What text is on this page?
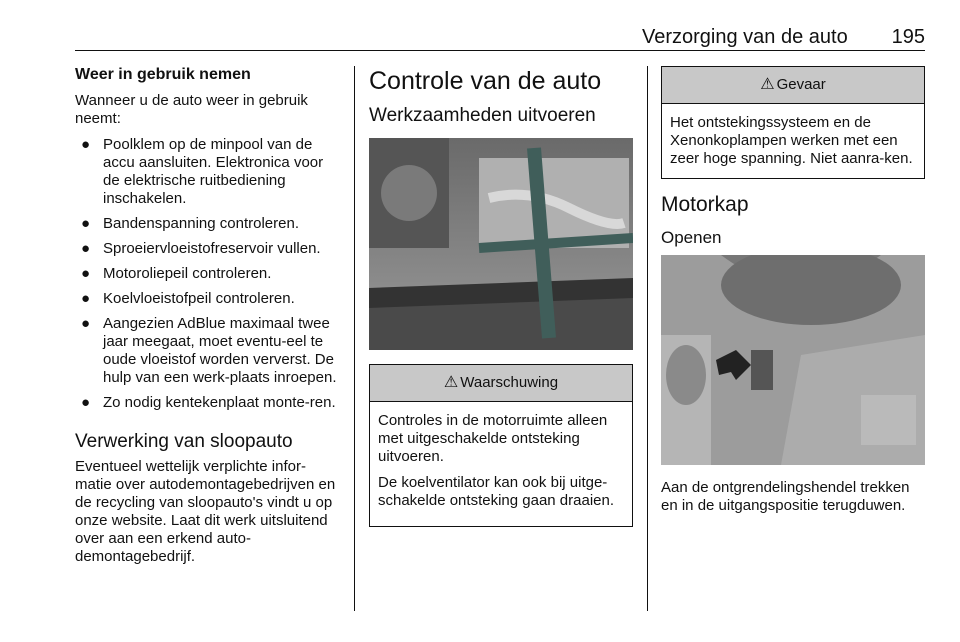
Verzorging van de auto 195
Weer in gebruik nemen

Wanneer u de auto weer in gebruik neemt:

● Poolklem op de minpool van de accu aansluiten. Elektronica voor de elektrische ruitbediening inschakelen.
● Bandenspanning controleren.
● Sproeiervloeistofreservoir vullen.
● Motoroliepeil controleren.
● Koelvloeistofpeil controleren.
● Aangezien AdBlue maximaal twee jaar meegaat, moet eventu-eel te oude vloeistof worden ververst. De hulp van een werk-plaats inroepen.
● Zo nodig kentekenplaat monte-ren.
Verwerking van sloopauto

Eventueel wettelijk verplichte infor-matie over autodemontagebedrijven en de recycling van sloopauto's vindt u op onze website. Laat dit werk uitsluitend over aan een erkend auto-demontagebedrijf.

Controle van de auto
Werkzaamheden uitvoeren
⚠ Waarschuwing

Controles in de motorruimte alleen met uitgeschakelde ontsteking uitvoeren.

De koelventilator kan ook bij uitge-schakelde ontsteking gaan draaien.

⚠ Gevaar

Het ontstekingssysteem en de Xenonkoplampen werken met een zeer hoge spanning. Niet aanra-ken.

Motorkap
Openen

Aan de ontgrendelingshendel trekken en in de uitgangspositie terugduwen.
